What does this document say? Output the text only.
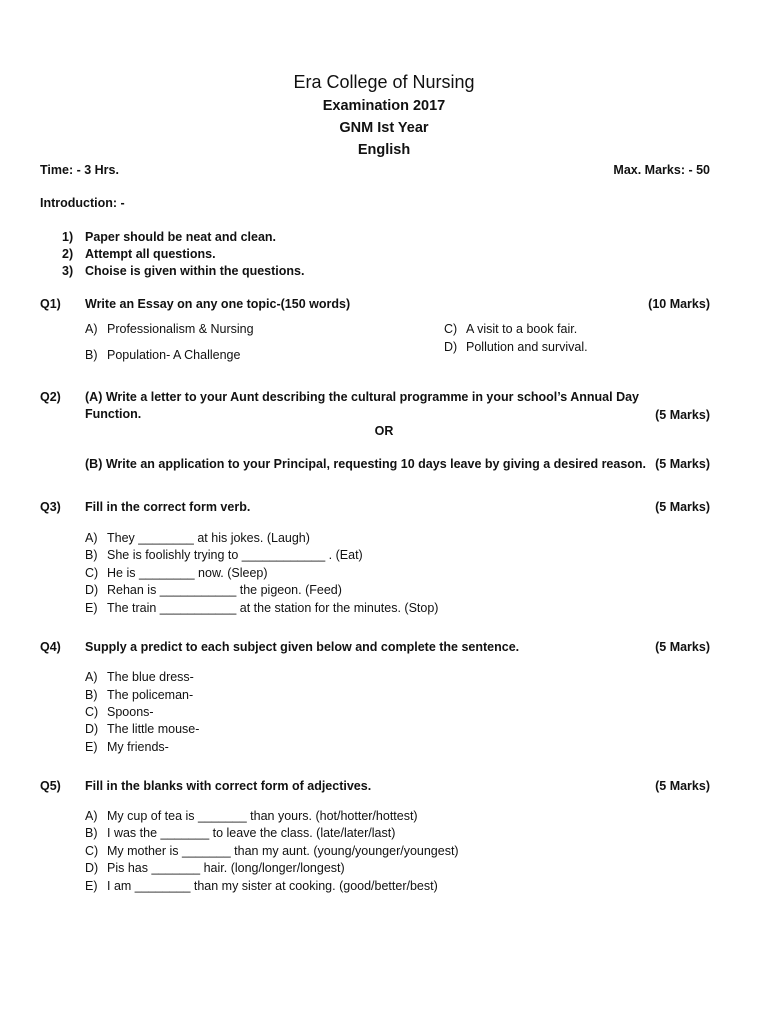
Era College of Nursing
Examination 2017
GNM Ist Year
English
Time: - 3 Hrs.	Max. Marks: - 50
Introduction: -
1) Paper should be neat and clean.
2) Attempt all questions.
3) Choise is given within the questions.
Q1) Write an Essay on any one topic-(150 words)	(10 Marks)
A) Professionalism & Nursing
B) Population- A Challenge
C) A visit to a book fair.
D) Pollution and survival.
Q2) (A) Write a letter to your Aunt describing the cultural programme in your school’s Annual Day
Function.	(5 Marks)
OR
(B) Write an application to your Principal, requesting 10 days leave by giving a desired reason. (5 Marks)
Q3) Fill in the correct form verb.	(5 Marks)
A) They ________ at his jokes. (Laugh)
B) She is foolishly trying to ____________ . (Eat)
C) He is ________ now. (Sleep)
D) Rehan is ___________ the pigeon. (Feed)
E) The train ___________ at the station for the minutes. (Stop)
Q4) Supply a predict to each subject given below and complete the sentence.	(5 Marks)
A) The blue dress-
B) The policeman-
C) Spoons-
D) The little mouse-
E) My friends-
Q5) Fill in the blanks with correct form of adjectives.	(5 Marks)
A) My cup of tea is _______ than yours. (hot/hotter/hottest)
B) I was the _______ to leave the class. (late/later/last)
C) My mother is _______ than my aunt. (young/younger/youngest)
D) Pis has _______ hair. (long/longer/longest)
E) I am ________ than my sister at cooking. (good/better/best)
